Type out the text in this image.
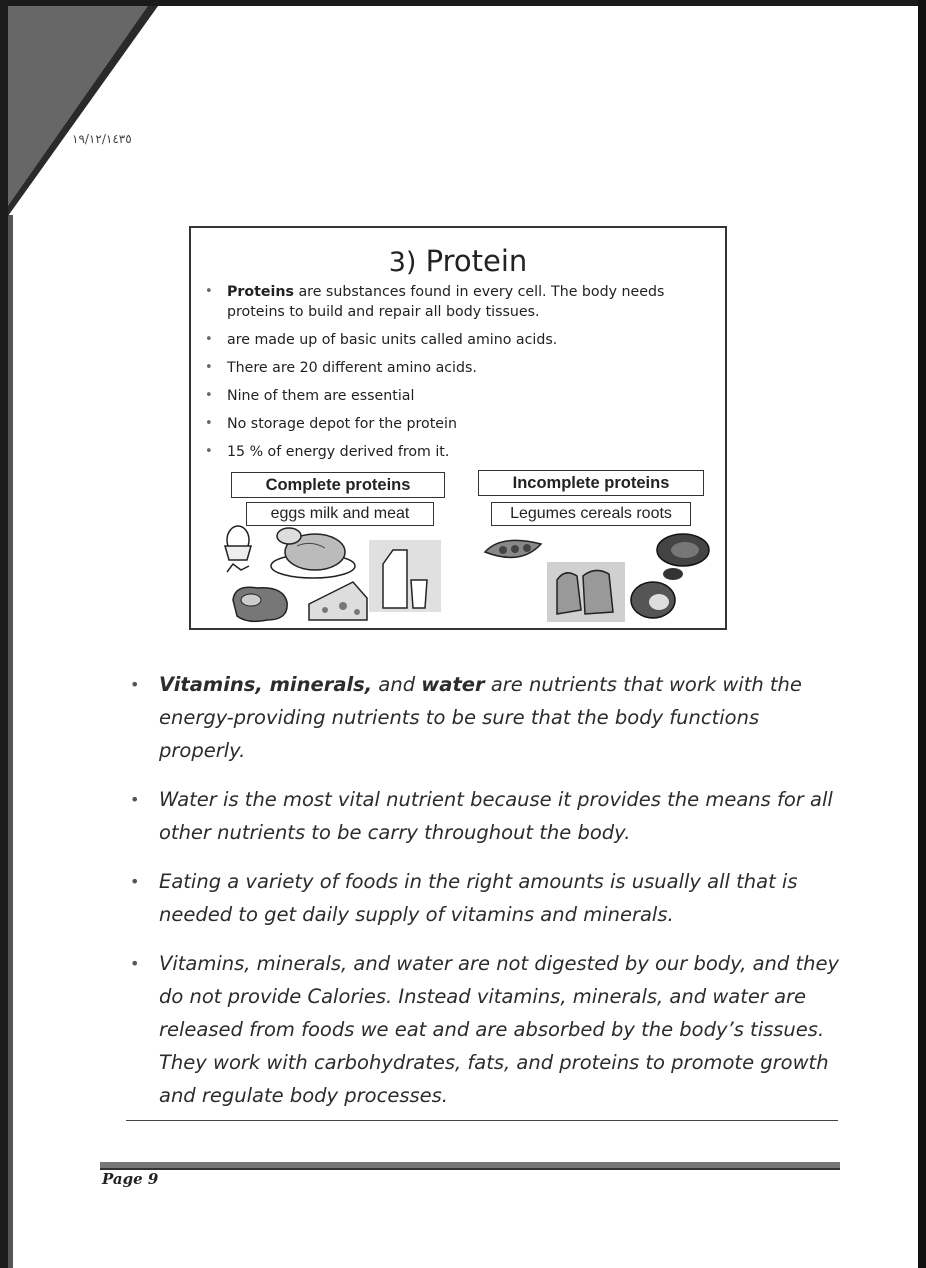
١٩/١٢/١٤٣٥
3) Protein
• Proteins are substances found in every cell. The body needs proteins to build and repair all body tissues.
• are made up of basic units called amino acids.
• There are 20 different amino acids.
• Nine of them are essential
• No storage depot for the protein
• 15 % of energy derived from it.
Complete proteins
eggs milk and meat
Incomplete proteins
Legumes cereals roots
• Vitamins, minerals, and water are nutrients that work with the energy-providing nutrients to be sure that the body functions properly.
• Water is the most vital nutrient because it provides the means for all other nutrients to be carry throughout the body.
• Eating a variety of foods in the right amounts is usually all that is needed to get daily supply of vitamins and minerals.
• Vitamins, minerals, and water are not digested by our body, and they do not provide Calories. Instead vitamins, minerals, and water are released from foods we eat and are absorbed by the body’s tissues. They work with carbohydrates, fats, and proteins to promote growth and regulate body processes.
Page 9
